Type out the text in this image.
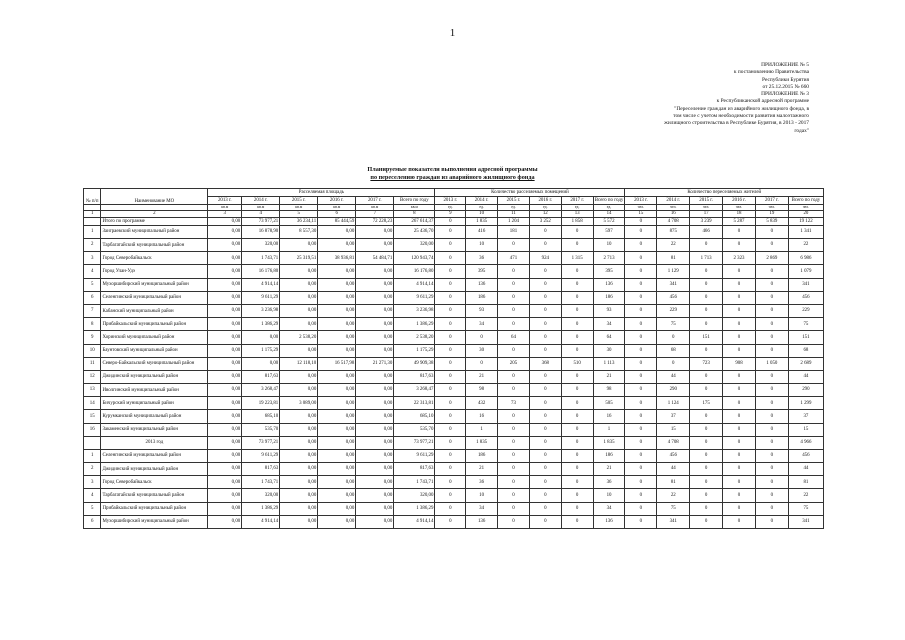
1
ПРИЛОЖЕНИЕ № 5
к постановлению Правительства
Республики Бурятия
от 25.12.2015 № 660
ПРИЛОЖЕНИЕ № 3
к Республиканской адресной программе
"Переселение граждан из аварийного жилищного фонда, в
том числе с учетом необходимости развития малоэтажного
жилищного строительства в Республике Бурятия, в 2013 - 2017
годах"
Планируемые показатели выполнения адресной программы
по переселению граждан из аварийного жилищного фонда
№ п/п	Наименование МО	Расселяемая площадь						Количество расселяемых помещений						Количество переселяемых жителей					
		2013 г.	2014 г.	2015 г.	2016 г.	2017 г.	Всего по году	2013 г.	2014 г.	2015 г.	2016 г.	2017 г.	Всего по году	2013 г.	2014 г.	2015 г.	2016 г.	2017 г.	Всего по году
		кв.м	кв.м	кв.м	кв.м	кв.м	кв.м	ед.	ед.	ед.	ед.	ед.	ед.	чел.	чел.	чел.	чел.	чел.	чел.
1	2	3	4	5	6	7	8	9	10	11	12	13	14	15	16	17	18	19	20
	Итого по программе	0,00	73 977,21	36 234,11	85 444,59	72 228,23	267 614,37	0	1 835	1 204	3 252	1 858	5 572	0	4 708	3 239	5 287	5 839	19 122
1	Заиграевский муниципальный район	0,00	16 878,90	8 557,30	0,00	0,00	25 436,70	0	416	181	0	0	597	0	875	466	0	0	1 341
2	Тарбагатайский муниципальный район	0,00	320,00	0,00	0,00	0,00	320,00	0	10	0	0	0	10	0	22	0	0	0	22
3	Город Северобайкальск	0,00	1 743,71	25 319,51	38 936,81	54 484,71	120 943,74	0	36	471	924	1 315	2 713	0	81	1 713	2 323	2 869	6 986
4	Город Улан-Удэ	0,00	16 176,80	0,00	0,00	0,00	16 176,80	0	395	0	0	0	395	0	1 129	0	0	0	1 079
5	Мухоршибирский муниципальный район	0,00	4 914,14	0,00	0,00	0,00	4 914,14	0	136	0	0	0	136	0	341	0	0	0	341
6	Селенгинский муниципальный район	0,00	9 611,29	0,00	0,00	0,00	9 611,29	0	186	0	0	0	186	0	456	0	0	0	456
7	Кабанский муниципальный район	0,00	3 236,98	0,00	0,00	0,00	3 236,98	0	93	0	0	0	93	0	229	0	0	0	229
8	Прибайкальский муниципальный район	0,00	1 386,29	0,00	0,00	0,00	1 386,29	0	34	0	0	0	34	0	75	0	0	0	75
9	Хоринский муниципальный район	0,00	0,00	2 538,20	0,00	0,00	2 538,20	0	0	64	0	0	64	0	0	151	0	0	151
10	Баунтовский муниципальный район	0,00	1 175,29	0,00	0,00	0,00	1 175,29	0	30	0	0	0	30	0	68	0	0	0	68
11	Северо-Байкальский муниципальный район	0,00	0,00	12 118,10	16 517,98	21 271,30	49 909,38	0	0	205	368	510	1 113	0	0	723	908	1 050	2 689
12	Джидинский муниципальный район	0,00	817,63	0,00	0,00	0,00	817,63	0	21	0	0	0	21	0	44	0	0	0	44
13	Иволгинский муниципальный район	0,00	3 268,47	0,00	0,00	0,00	3 268,47	0	98	0	0	0	98	0	290	0	0	0	290
14	Бичурский муниципальный район	0,00	19 223,81	3 089,00	0,00	0,00	22 313,81	0	432	73	0	0	505	0	1 124	175	0	0	1 299
15	Курумканский муниципальный район	0,00	685,10	0,00	0,00	0,00	685,10	0	16	0	0	0	16	0	37	0	0	0	37
16	Закаменский муниципальный район	0,00	535,70	0,00	0,00	0,00	535,70	0	1	0	0	0	1	0	15	0	0	0	15
	2013 год	0,00	73 977,21	0,00	0,00	0,00	73 977,21	0	1 835	0	0	0	1 835	0	4 708	0	0	0	4 966
1	Селенгинский муниципальный район	0,00	9 611,29	0,00	0,00	0,00	9 611,29	0	186	0	0	0	186	0	456	0	0	0	456
2	Джидинский муниципальный район	0,00	817,63	0,00	0,00	0,00	817,63	0	21	0	0	0	21	0	44	0	0	0	44
3	Город Северобайкальск	0,00	1 743,71	0,00	0,00	0,00	1 743,71	0	36	0	0	0	36	0	81	0	0	0	81
4	Тарбагатайский муниципальный район	0,00	320,00	0,00	0,00	0,00	320,00	0	10	0	0	0	10	0	22	0	0	0	22
5	Прибайкальский муниципальный район	0,00	1 386,29	0,00	0,00	0,00	1 386,29	0	34	0	0	0	34	0	75	0	0	0	75
6	Мухоршибирский муниципальный район	0,00	4 914,14	0,00	0,00	0,00	4 914,14	0	136	0	0	0	136	0	341	0	0	0	341
